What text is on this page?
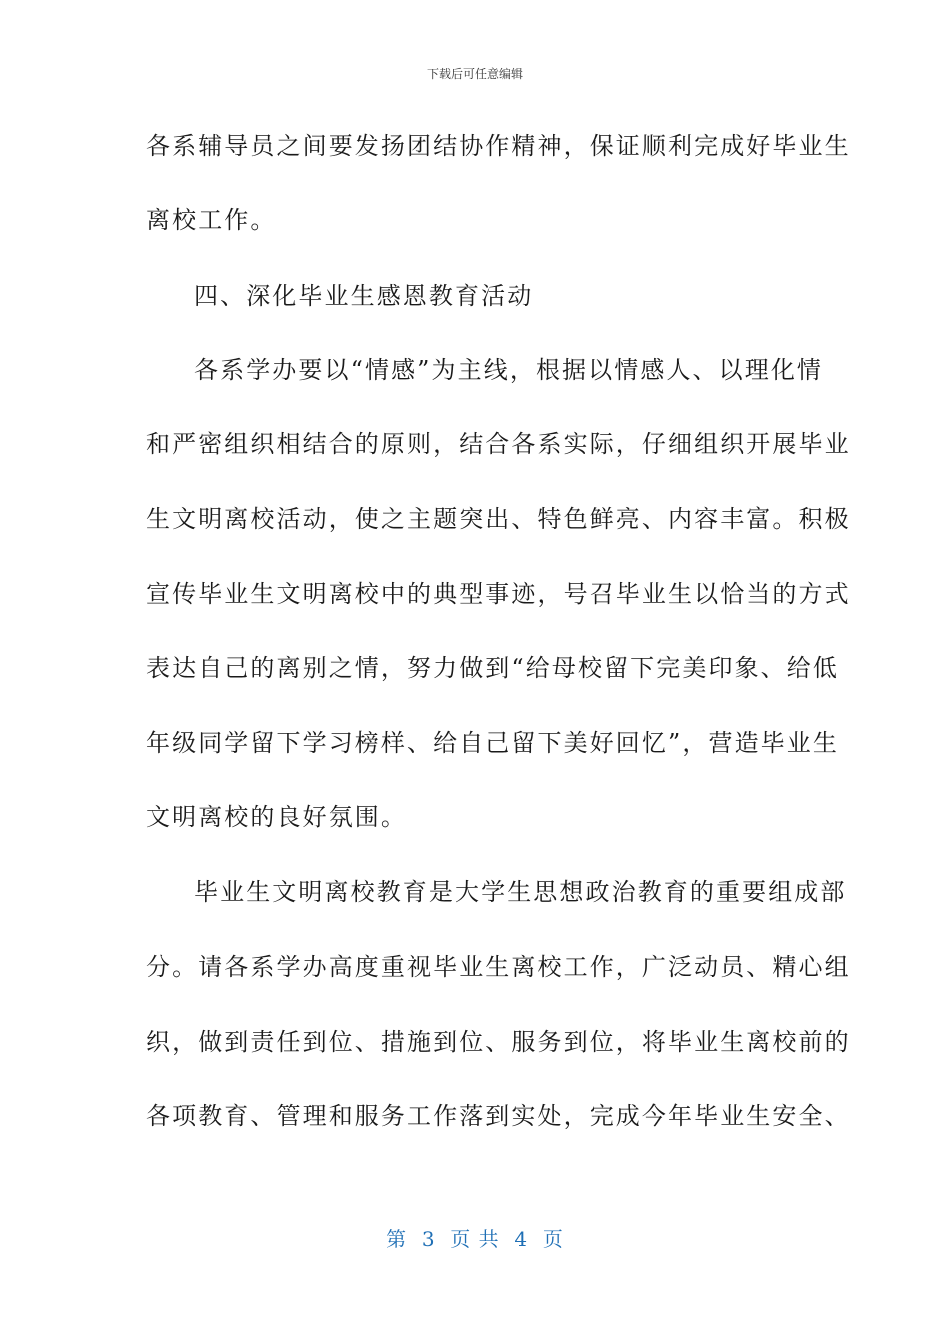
下载后可任意编辑
各系辅导员之间要发扬团结协作精神，保证顺利完成好毕业生
离校工作。
四、深化毕业生感恩教育活动
各系学办要以“情感”为主线，根据以情感人、以理化情
和严密组织相结合的原则，结合各系实际，仔细组织开展毕业
生文明离校活动，使之主题突出、特色鲜亮、内容丰富。积极
宣传毕业生文明离校中的典型事迹，号召毕业生以恰当的方式
表达自己的离别之情，努力做到“给母校留下完美印象、给低
年级同学留下学习榜样、给自己留下美好回忆”，营造毕业生
文明离校的良好氛围。
毕业生文明离校教育是大学生思想政治教育的重要组成部
分。请各系学办高度重视毕业生离校工作，广泛动员、精心组
织，做到责任到位、措施到位、服务到位，将毕业生离校前的
各项教育、管理和服务工作落到实处，完成今年毕业生安全、
第  3  页 共  4  页
